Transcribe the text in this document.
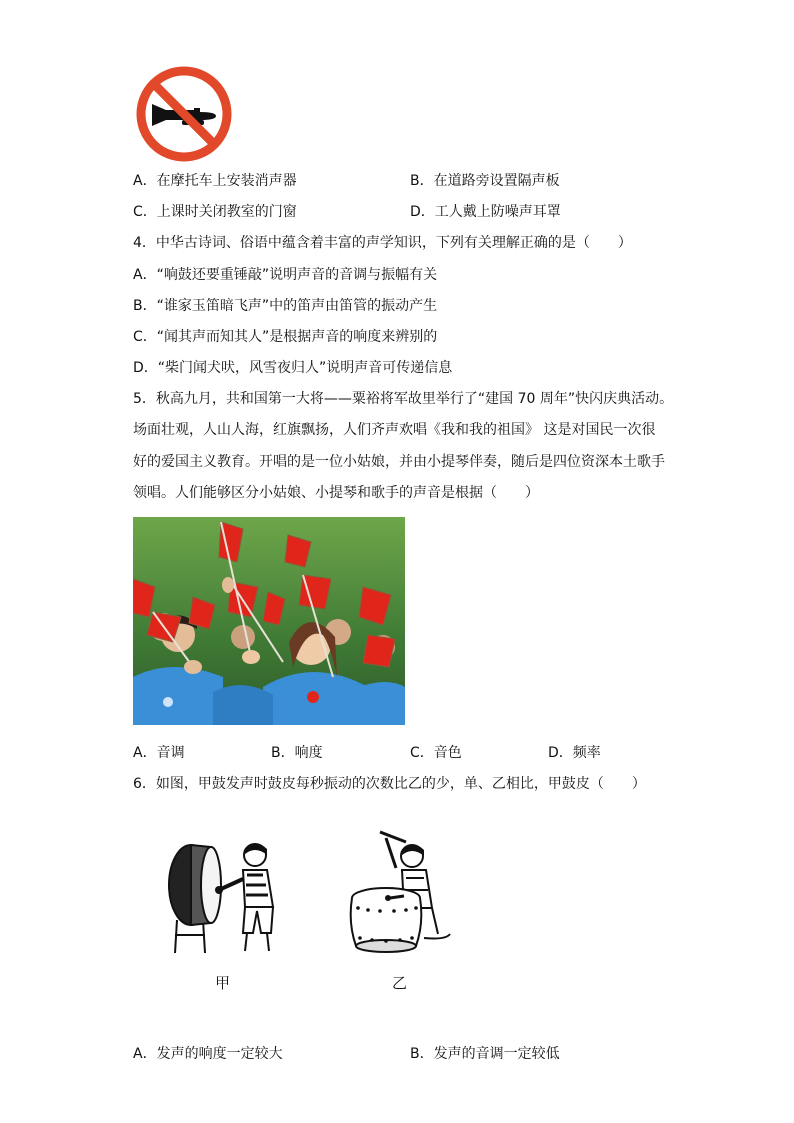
A．在摩托车上安装消声器	B．在道路旁设置隔声板
C．上课时关闭教室的门窗	D．工人戴上防噪声耳罩
4．中华古诗词、俗语中蕴含着丰富的声学知识，下列有关理解正确的是（　　）
A．“响鼓还要重锤敲”说明声音的音调与振幅有关
B．“谁家玉笛暗飞声”中的笛声由笛管的振动产生
C．“闻其声而知其人”是根据声音的响度来辨别的
D．“柴门闻犬吠，风雪夜归人”说明声音可传递信息
5．秋高九月，共和国第一大将——粟裕将军故里举行了“建国 70 周年”快闪庆典活动。
场面壮观，人山人海，红旗飘扬，人们齐声欢唱《我和我的祖国》 这是对国民一次很
好的爱国主义教育。开唱的是一位小姑娘，并由小提琴伴奏，随后是四位资深本土歌手
领唱。人们能够区分小姑娘、小提琴和歌手的声音是根据（　　）
A．音调	B．响度	C．音色	D．频率
6．如图，甲鼓发声时鼓皮每秒振动的次数比乙的少，单、乙相比，甲鼓皮（　　）
甲	乙
A．发声的响度一定较大	B．发声的音调一定较低
